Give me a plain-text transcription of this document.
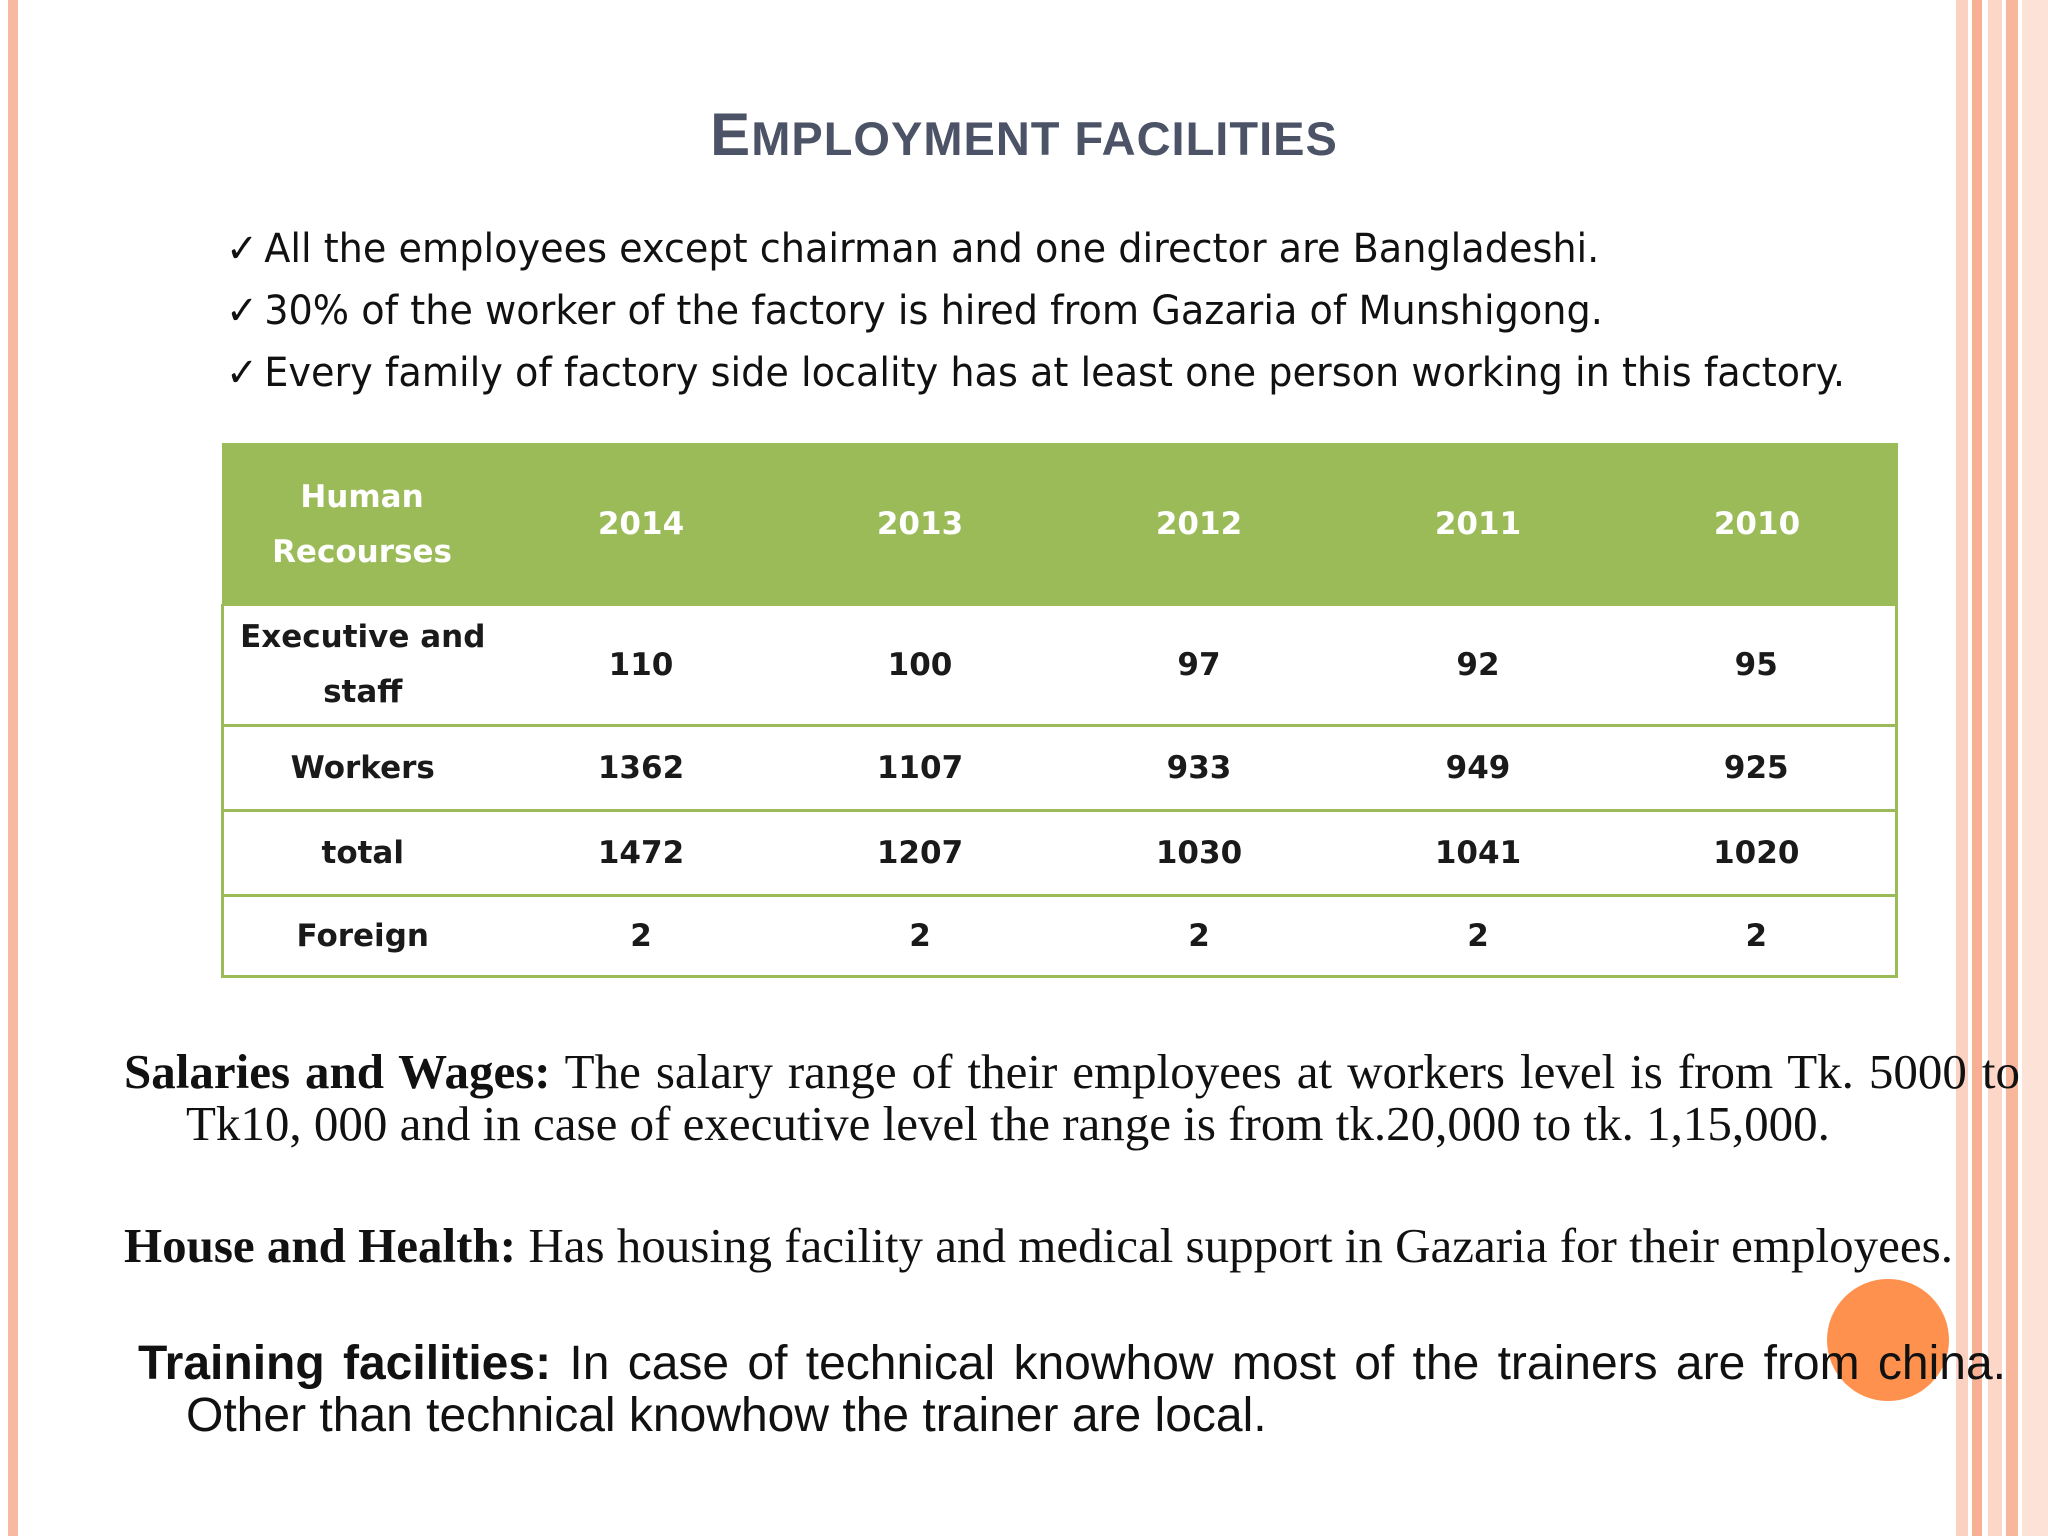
EMPLOYMENT FACILITIES
✓ All the employees except chairman and one director are Bangladeshi.
✓ 30% of the worker of the factory is hired from Gazaria of Munshigong.
✓ Every family of factory side locality has at least one person working in this factory.
Human
Recourses	2014	2013	2012	2011	2010
Executive and
staff	110	100	97	92	95
Workers	1362	1107	933	949	925
total	1472	1207	1030	1041	1020
Foreign	2	2	2	2	2

Salaries and Wages: The salary range of their employees at workers level is from Tk. 5000 to Tk10, 000 and in case of executive level the range is from tk.20,000 to tk. 1,15,000.

House and Health: Has housing facility and medical support in Gazaria for their employees.

Training facilities: In case of technical knowhow most of the trainers are from china. Other than technical knowhow the trainer are local.
